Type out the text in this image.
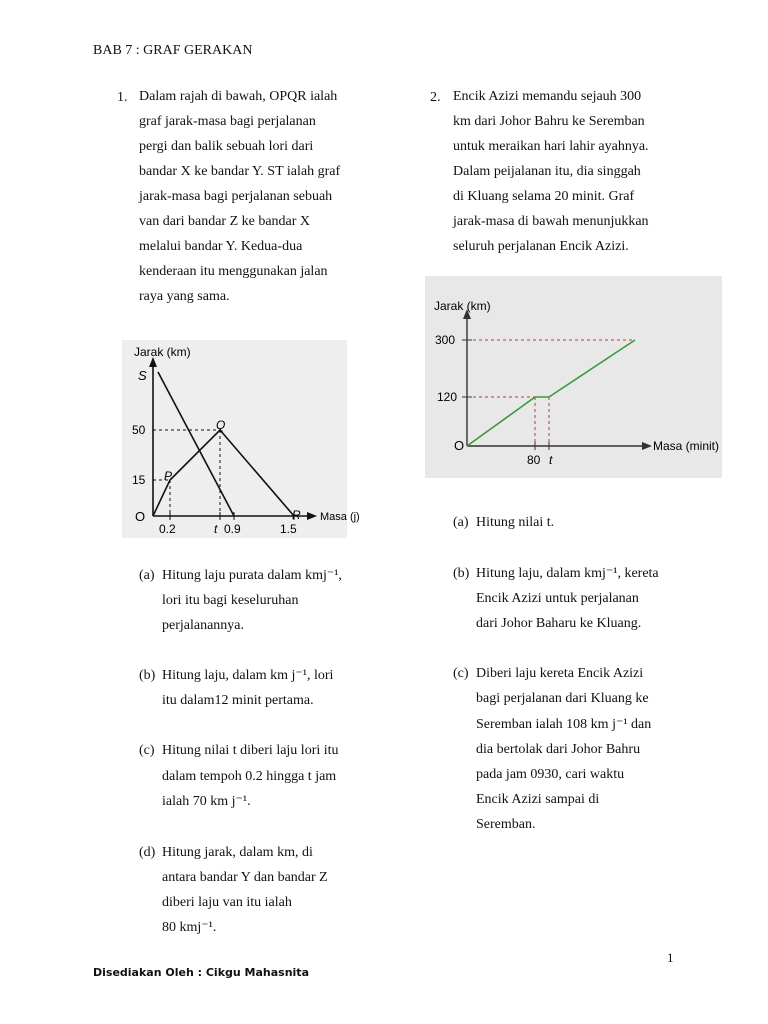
BAB 7 : GRAF GERAKAN
1. Dalam rajah di bawah, OPQR ialah
graf jarak-masa bagi perjalanan
pergi dan balik sebuah lori dari
bandar X ke bandar Y. ST ialah graf
jarak-masa bagi perjalanan sebuah
van dari bandar Z ke bandar X
melalui bandar Y. Kedua-dua
kenderaan itu menggunakan jalan
raya yang sama.
Jarak (km)
Masa (j)
50
15
0.2	t 0.9	1.5
O
P
Q
R
S
(a) Hitung laju purata dalam kmj⁻¹,
lori itu bagi keseluruhan
perjalanannya.
(b) Hitung laju, dalam km j⁻¹, lori
itu dalam12 minit pertama.
(c) Hitung nilai t diberi laju lori itu
dalam tempoh 0.2 hingga t jam
ialah 70 km j⁻¹.
(d) Hitung jarak, dalam km, di
antara bandar Y dan bandar Z
diberi laju van itu ialah
80 kmj⁻¹.
2. Encik Azizi memandu sejauh 300
km dari Johor Bahru ke Seremban
untuk meraikan hari lahir ayahnya.
Dalam peijalanan itu, dia singgah
di Kluang selama 20 minit. Graf
jarak-masa di bawah menunjukkan
seluruh perjalanan Encik Azizi.
Jarak (km)
Masa (minit)
300
120
80 t
O
(a) Hitung nilai t.
(b) Hitung laju, dalam kmj⁻¹, kereta
Encik Azizi untuk perjalanan
dari Johor Baharu ke Kluang.
(c) Diberi laju kereta Encik Azizi
bagi perjalanan dari Kluang ke
Seremban ialah 108 km j⁻¹ dan
dia bertolak dari Johor Bahru
pada jam 0930, cari waktu
Encik Azizi sampai di
Seremban.
1
Disediakan Oleh : Cikgu Mahasnita
